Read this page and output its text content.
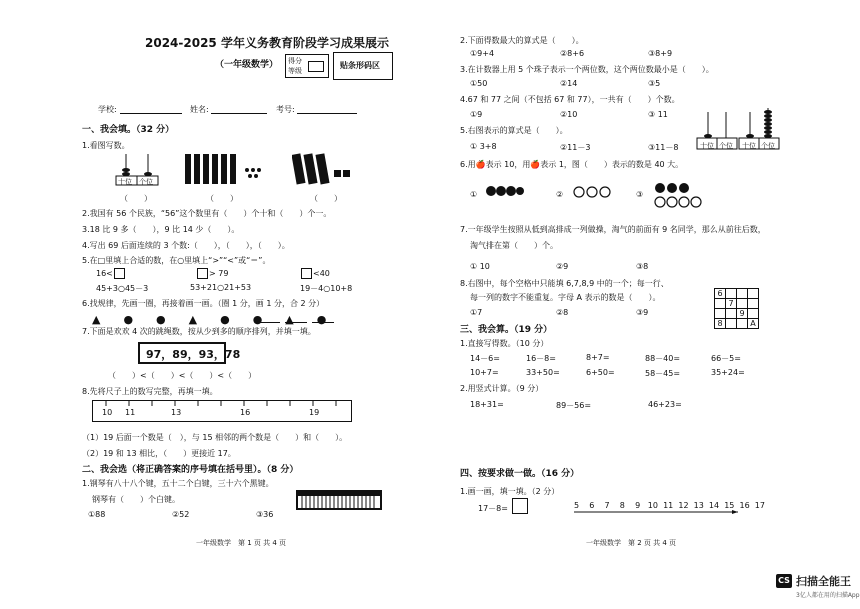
2024-2025 学年义务教育阶段学习成果展示
（一年级数学） 得分
等级
贴条形码区
学校:	姓名:	考号:
一、我会填。（32 分）
1.看图写数。
十位 个位
（　　）	（　　）	（　　）
2.我国有 56 个民族，“56”这个数里有（　　）个十和（　　）个一。
3.18 比 9 多（　　），9 比 14 少（　　）。
4.写出 69 后面连续的 3 个数:（　　），（　　），（　　）。
5.在□里填上合适的数，在○里填上“>”“<”或“＝”。
16<	> 79	<40
45+3○45－3	53+21○21+53	19－4○10+8
6.找规律，先画一圈，再接着画一画。（圈 1 分，画 1 分，合 2 分）
▲　●　●　▲　●　●　▲　●
7.下面是欢欢 4 次的跳绳数，按从少到多的顺序排列，并填一填。
97，89，93，78
（　　）<（　　）<（　　）<（　　）
8.先将尺子上的数写完整，再填一填。
10 11	13	16	19
（1）19 后面一个数是（　），与 15 相邻的两个数是（　　）和（　　）。
（2）19 和 13 相比，（　　）更接近 17。
二、我会选（将正确答案的序号填在括号里）。（8 分）
1.钢琴有八十八个键，五十二个白键，三十六个黑键。
钢琴有（　　）个白键。
①88	②52	③36
一年级数学　第 1 页 共 4 页
2.下面得数最大的算式是（　　）。
①9+4	②8+6	③8+9
3.在计数器上用 5 个珠子表示一个两位数，这个两位数最小是（　　）。
①50	②14	③5
4.67 和 77 之间（不包括 67 和 77），一共有（　　）个数。
①9	②10	③ 11
5.右图表示的算式是（　　）。
① 3+8	②11－3	③11－8	十位 个位 十位 个位
6.用🍎表示 10，用🍎表示 1，图（　　）表示的数是 40 大。
①	②	③
7.一年级学生按照从低到高排成一列做操，淘气的前面有 9 名同学，那么从前往后数，
淘气排在第（　　）个。
① 10	②9	③8
8.右图中，每个空格中只能填 6,7,8,9 中的一个；每一行、
每一列的数字不能重复。字母 A 表示的数是（　　）。
①7	②8	③9
6			
	7		
		9	
8			A
三、我会算。（19 分）
1.直接写得数。（10 分）
14－6=	16－8=	8+7=	88－40=	66－5=
10+7=	33+50=	6+50=	58－45=	35+24=
2.用竖式计算。（9 分）
18+31=	89－56=	46+23=
四、按要求做一做。（16 分）
1.画一画，填一填。（2 分）
17－8=	5 6 7 8 9 10 11 12 13 14 15 16 17
一年级数学　第 2 页 共 4 页
CS 扫描全能王
3亿人都在用的扫描App
